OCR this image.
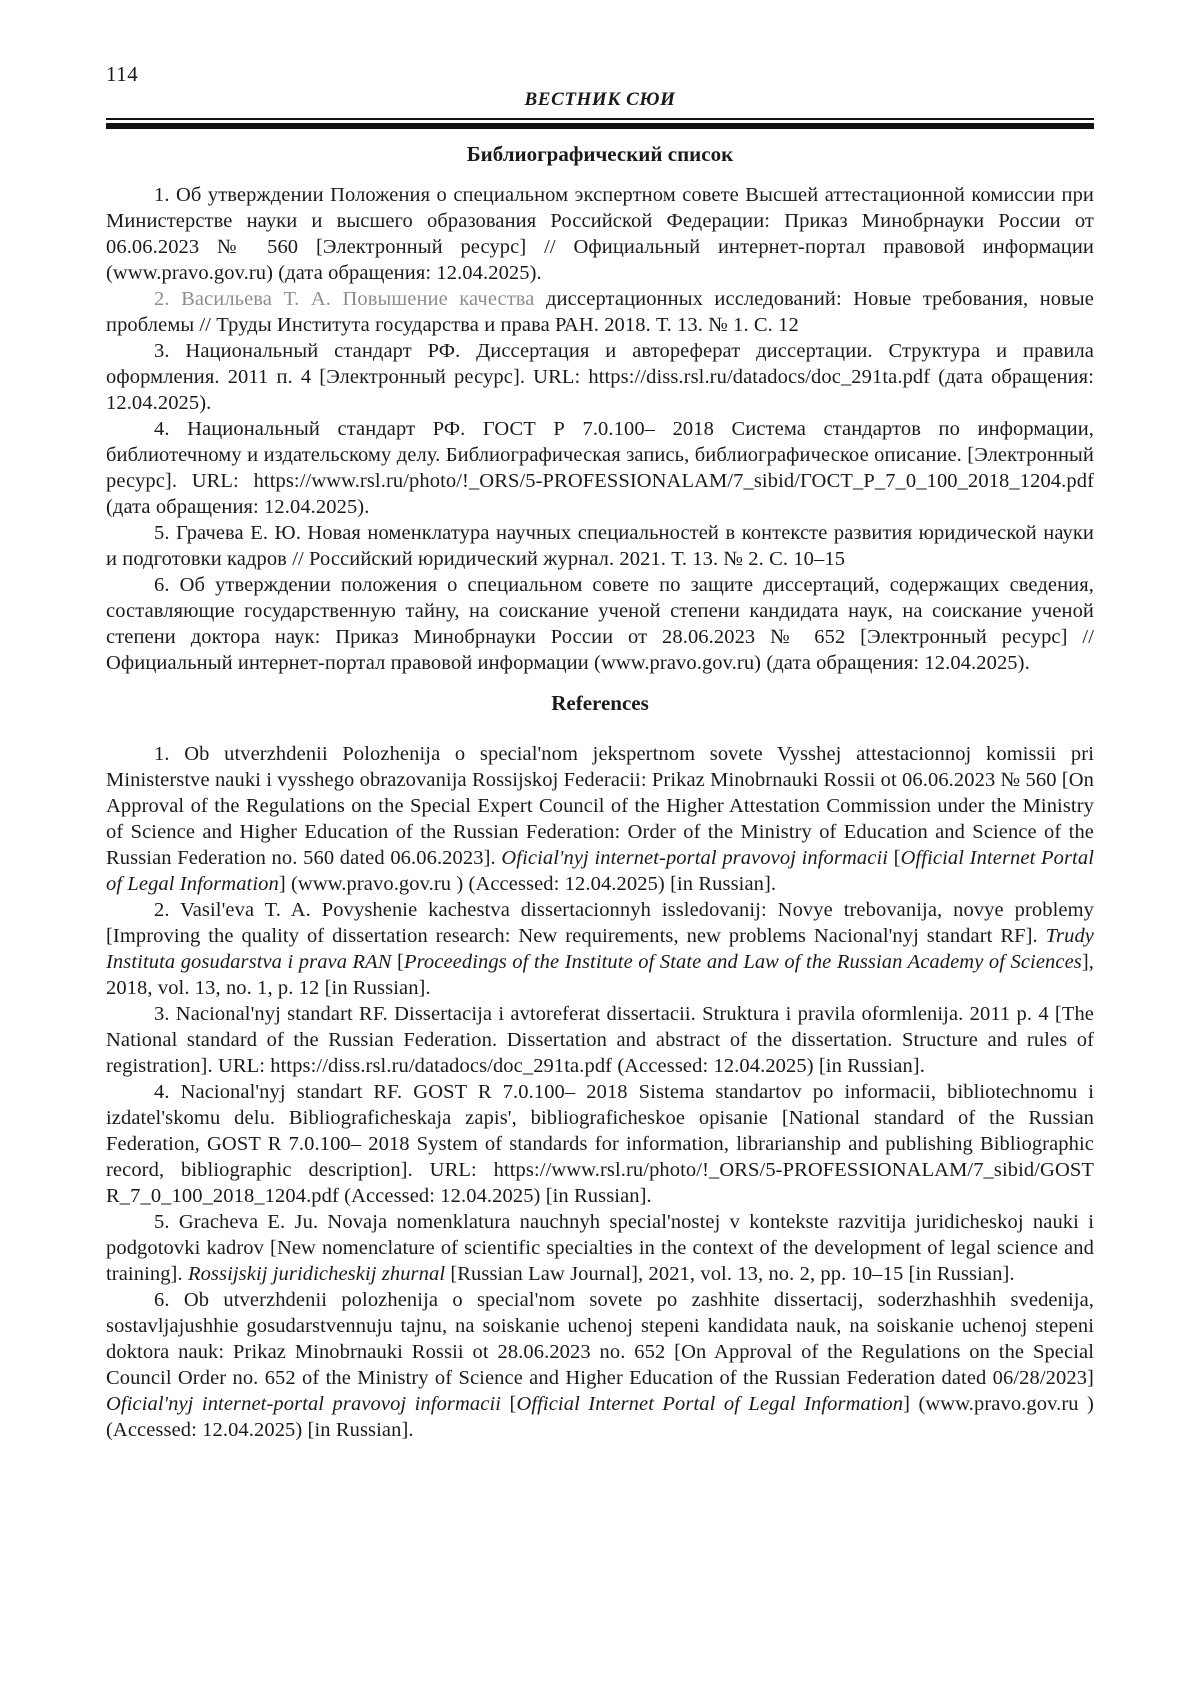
114
ВЕСТНИК СЮИ
Библиографический список

1. Об утверждении Положения о специальном экспертном совете Высшей аттестационной комиссии при Министерстве науки и высшего образования Российской Федерации: Приказ Минобрнауки России от 06.06.2023 № 560 [Электронный ресурс] // Официальный интернет-портал правовой информации (www.pravo.gov.ru) (дата обращения: 12.04.2025).

2. Васильева Т. А. Повышение качества диссертационных исследований: Новые требования, новые проблемы // Труды Института государства и права РАН. 2018. Т. 13. № 1. С. 12

3. Национальный стандарт РФ. Диссертация и автореферат диссертации. Структура и правила оформления. 2011 п. 4 [Электронный ресурс]. URL: https://diss.rsl.ru/datadocs/doc_291ta.pdf (дата обращения: 12.04.2025).

4. Национальный стандарт РФ. ГОСТ Р 7.0.100– 2018 Система стандартов по информации, библиотечному и издательскому делу. Библиографическая запись, библиографическое описание. [Электронный ресурс]. URL: https://www.rsl.ru/photo/!_ORS/5-PROFESSIONALAM/7_sibid/ГОСТ_Р_7_0_100_2018_1204.pdf (дата обращения: 12.04.2025).

5. Грачева Е. Ю. Новая номенклатура научных специальностей в контексте развития юридической науки и подготовки кадров // Российский юридический журнал. 2021. Т. 13. № 2. С. 10–15

6. Об утверждении положения о специальном совете по защите диссертаций, содержащих сведения, составляющие государственную тайну, на соискание ученой степени кандидата наук, на соискание ученой степени доктора наук: Приказ Минобрнауки России от 28.06.2023 № 652 [Электронный ресурс] // Официальный интернет-портал правовой информации (www.pravo.gov.ru) (дата обращения: 12.04.2025).

References

1. Ob utverzhdenii Polozhenija o special'nom jekspertnom sovete Vysshej attestacionnoj komissii pri Ministerstve nauki i vysshego obrazovanija Rossijskoj Federacii: Prikaz Minobrnauki Rossii ot 06.06.2023 № 560 [On Approval of the Regulations on the Special Expert Council of the Higher Attestation Commission under the Ministry of Science and Higher Education of the Russian Federation: Order of the Ministry of Education and Science of the Russian Federation no. 560 dated 06.06.2023]. Oficial'nyj internet-portal pravovoj informacii [Official Internet Portal of Legal Information] (www.pravo.gov.ru ) (Accessed: 12.04.2025) [in Russian].

2. Vasil'eva T. A. Povyshenie kachestva dissertacionnyh issledovanij: Novye trebovanija, novye problemy [Improving the quality of dissertation research: New requirements, new problems Nacional'nyj standart RF]. Trudy Instituta gosudarstva i prava RAN [Proceedings of the Institute of State and Law of the Russian Academy of Sciences], 2018, vol. 13, no. 1, p. 12 [in Russian].

3. Nacional'nyj standart RF. Dissertacija i avtoreferat dissertacii. Struktura i pravila oformlenija. 2011 p. 4 [The National standard of the Russian Federation. Dissertation and abstract of the dissertation. Structure and rules of registration]. URL: https://diss.rsl.ru/datadocs/doc_291ta.pdf (Accessed: 12.04.2025) [in Russian].

4. Nacional'nyj standart RF. GOST R 7.0.100– 2018 Sistema standartov po informacii, bibliotechnomu i izdatel'skomu delu. Bibliograficheskaja zapis', bibliograficheskoe opisanie [National standard of the Russian Federation, GOST R 7.0.100– 2018 System of standards for information, librarianship and publishing Bibliographic record, bibliographic description]. URL: https://www.rsl.ru/photo/!_ORS/5-PROFESSIONALAM/7_sibid/GOST R_7_0_100_2018_1204.pdf (Accessed: 12.04.2025) [in Russian].

5. Gracheva E. Ju. Novaja nomenklatura nauchnyh special'nostej v kontekste razvitija juridicheskoj nauki i podgotovki kadrov [New nomenclature of scientific specialties in the context of the development of legal science and training]. Rossijskij juridicheskij zhurnal [Russian Law Journal], 2021, vol. 13, no. 2, pp. 10–15 [in Russian].

6. Ob utverzhdenii polozhenija o special'nom sovete po zashhite dissertacij, soderzhashhih svedenija, sostavljajushhie gosudarstvennuju tajnu, na soiskanie uchenoj stepeni kandidata nauk, na soiskanie uchenoj stepeni doktora nauk: Prikaz Minobrnauki Rossii ot 28.06.2023 no. 652 [On Approval of the Regulations on the Special Council Order no. 652 of the Ministry of Science and Higher Education of the Russian Federation dated 06/28/2023] Oficial'nyj internet-portal pravovoj informacii [Official Internet Portal of Legal Information] (www.pravo.gov.ru ) (Accessed: 12.04.2025) [in Russian].
